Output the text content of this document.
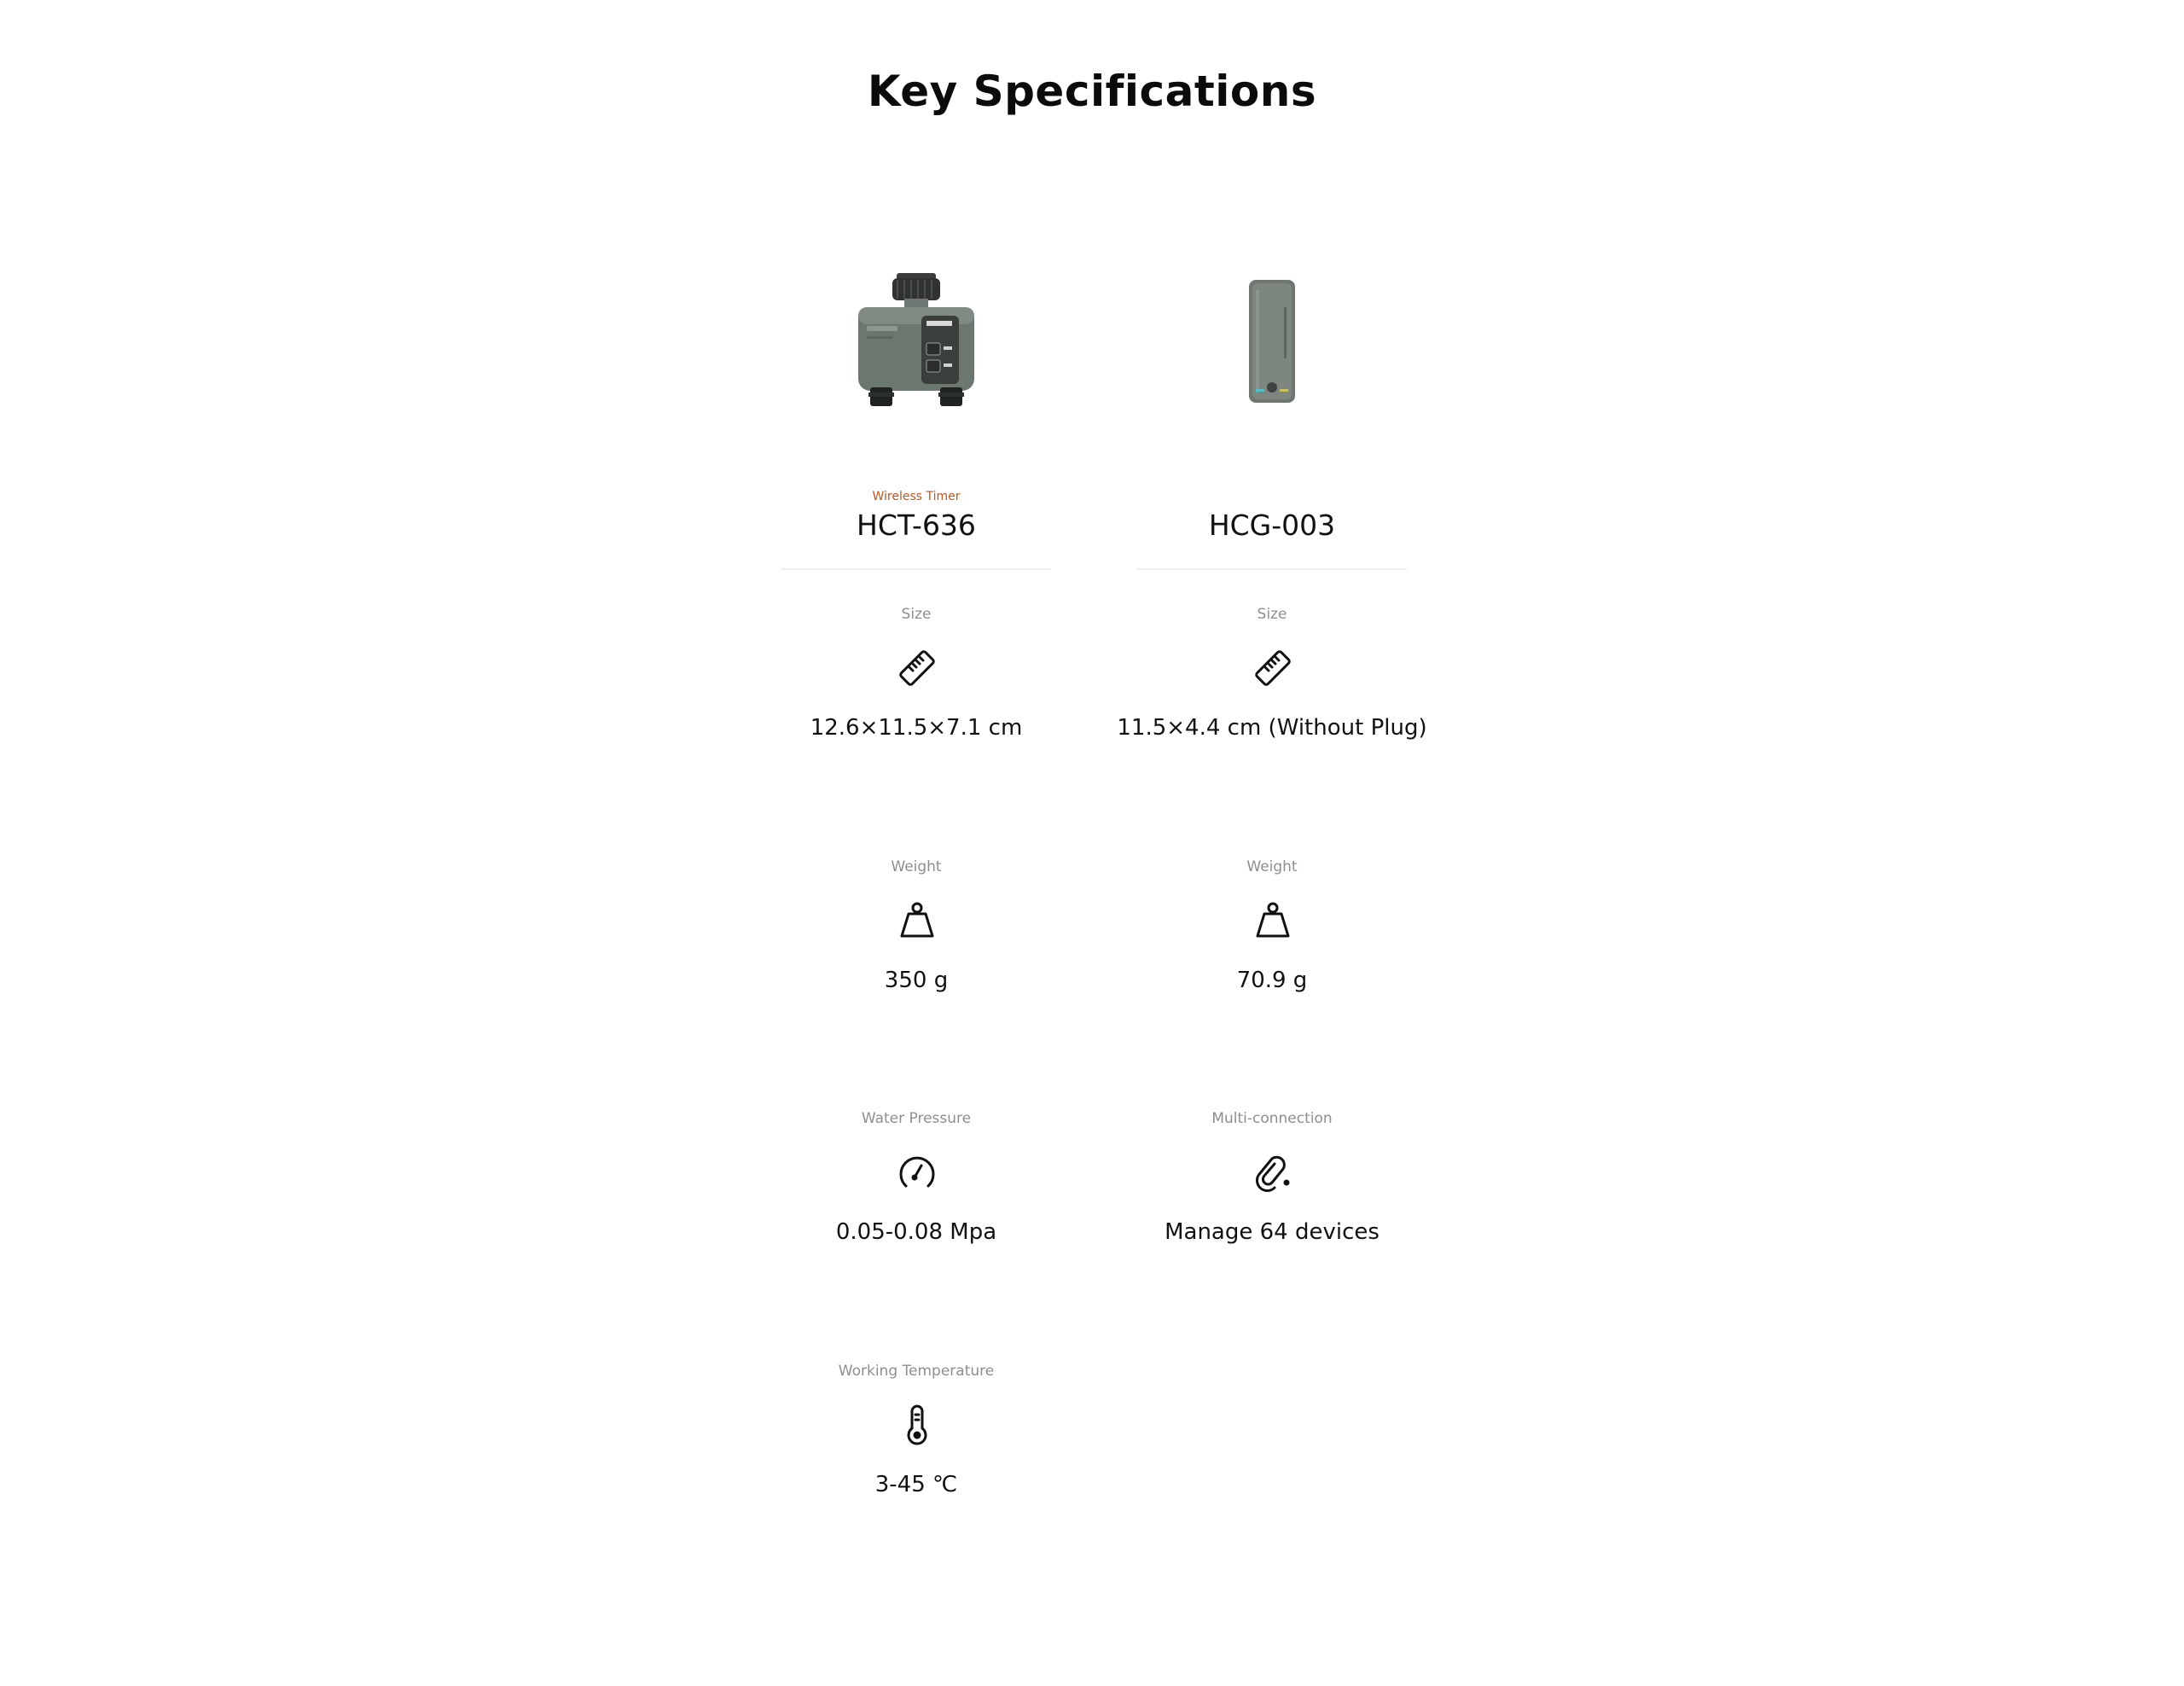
Key Specifications
Wireless Timer
HCT-636
Size
12.6×11.5×7.1 cm
Weight
350 g
Water Pressure
0.05-0.08 Mpa
Working Temperature
3-45 ℃
HCG-003
Size
11.5×4.4 cm (Without Plug)
Weight
70.9 g
Multi-connection
Manage 64 devices
